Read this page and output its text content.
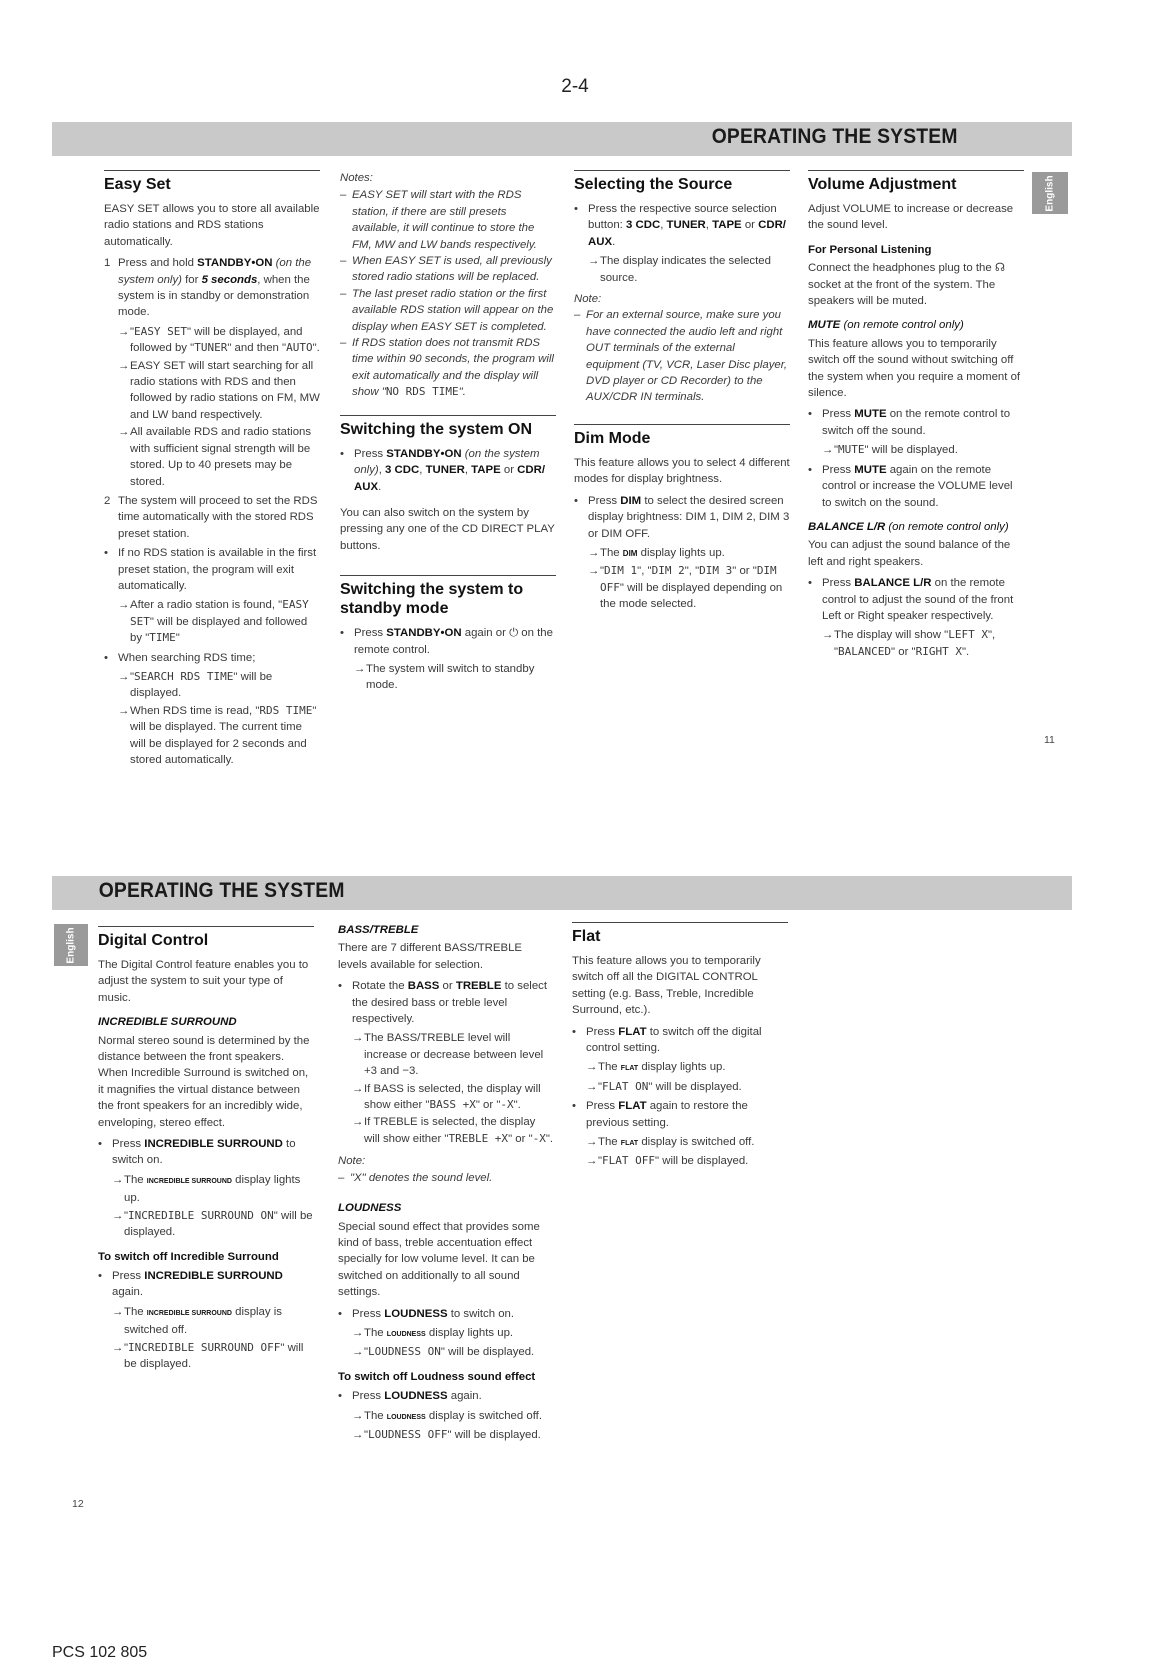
2-4
OPERATING THE SYSTEM
English
Easy Set

EASY SET allows you to store all available radio stations and RDS stations automatically.

1 Press and hold STANDBY•ON (on the system only) for 5 seconds, when the system is in standby or demonstration mode.
→ "EASY SET" will be displayed, and followed by "TUNER" and then "AUTO".
→ EASY SET will start searching for all radio stations with RDS and then followed by radio stations on FM, MW and LW band respectively.
→ All available RDS and radio stations with sufficient signal strength will be stored. Up to 40 presets may be stored.
2 The system will proceed to set the RDS time automatically with the stored RDS preset station.
• If no RDS station is available in the first preset station, the program will exit automatically.
→ After a radio station is found, "EASY SET" will be displayed and followed by "TIME"
• When searching RDS time;
→ "SEARCH RDS TIME" will be displayed.
→ When RDS time is read, "RDS TIME" will be displayed. The current time will be displayed for 2 seconds and stored automatically.

Notes:

– EASY SET will start with the RDS station, if there are still presets available, it will continue to store the FM, MW and LW bands respectively.
– When EASY SET is used, all previously stored radio stations will be replaced.
– The last preset radio station or the first available RDS station will appear on the display when EASY SET is completed.
– If RDS station does not transmit RDS time within 90 seconds, the program will exit automatically and the display will show "NO RDS TIME".
Switching the system ON
• Press STANDBY•ON (on the system only), 3 CDC, TUNER, TAPE or CDR/ AUX.

You can also switch on the system by pressing any one of the CD DIRECT PLAY buttons.

Switching the system to standby mode
• Press STANDBY•ON again or ⏻ on the remote control.
→ The system will switch to standby mode.
Selecting the Source
• Press the respective source selection button: 3 CDC, TUNER, TAPE or CDR/ AUX.
→ The display indicates the selected source.

Note:

– For an external source, make sure you have connected the audio left and right OUT terminals of the external equipment (TV, VCR, Laser Disc player, DVD player or CD Recorder) to the AUX/CDR IN terminals.
Dim Mode

This feature allows you to select 4 different modes for display brightness.

• Press DIM to select the desired screen display brightness: DIM 1, DIM 2, DIM 3 or DIM OFF.
→ The DIM display lights up.
→ "DIM 1", "DIM 2", "DIM 3" or "DIM OFF" will be displayed depending on the mode selected.
Volume Adjustment

Adjust VOLUME to increase or decrease the sound level.

For Personal Listening

Connect the headphones plug to the ☊ socket at the front of the system. The speakers will be muted.

MUTE (on remote control only)

This feature allows you to temporarily switch off the sound without switching off the system when you require a moment of silence.

• Press MUTE on the remote control to switch off the sound.
→ "MUTE" will be displayed.
• Press MUTE again on the remote control or increase the VOLUME level to switch on the sound.
BALANCE L/R (on remote control only)

You can adjust the sound balance of the left and right speakers.

• Press BALANCE L/R on the remote control to adjust the sound of the front Left or Right speaker respectively.
→ The display will show "LEFT X", "BALANCED" or "RIGHT X".
11
OPERATING THE SYSTEM
English Digital Control

The Digital Control feature enables you to adjust the system to suit your type of music.

INCREDIBLE SURROUND

Normal stereo sound is determined by the distance between the front speakers. When Incredible Surround is switched on, it magnifies the virtual distance between the front speakers for an incredibly wide, enveloping, stereo effect.

• Press INCREDIBLE SURROUND to switch on.
→ The INCREDIBLE SURROUND display lights up.
→ "INCREDIBLE SURROUND ON" will be displayed.
To switch off Incredible Surround
• Press INCREDIBLE SURROUND again.
→ The INCREDIBLE SURROUND display is switched off.
→ "INCREDIBLE SURROUND OFF" will be displayed.
BASS/TREBLE

There are 7 different BASS/TREBLE levels available for selection.

• Rotate the BASS or TREBLE to select the desired bass or treble level respectively.
→ The BASS/TREBLE level will increase or decrease between level +3 and −3.
→ If BASS is selected, the display will show either "BASS +X" or "-X".
→ If TREBLE is selected, the display will show either "TREBLE +X" or "-X".

Note:

– "X" denotes the sound level.
LOUDNESS

Special sound effect that provides some kind of bass, treble accentuation effect specially for low volume level. It can be switched on additionally to all sound settings.

• Press LOUDNESS to switch on.
→ The LOUDNESS display lights up.
→ "LOUDNESS ON" will be displayed.
To switch off Loudness sound effect
• Press LOUDNESS again.
→ The LOUDNESS display is switched off.
→ "LOUDNESS OFF" will be displayed.
Flat

This feature allows you to temporarily switch off all the DIGITAL CONTROL setting (e.g. Bass, Treble, Incredible Surround, etc.).

• Press FLAT to switch off the digital control setting.
→ The FLAT display lights up.
→ "FLAT ON" will be displayed.
• Press FLAT again to restore the previous setting.
→ The FLAT display is switched off.
→ "FLAT OFF" will be displayed.
12
PCS 102 805
